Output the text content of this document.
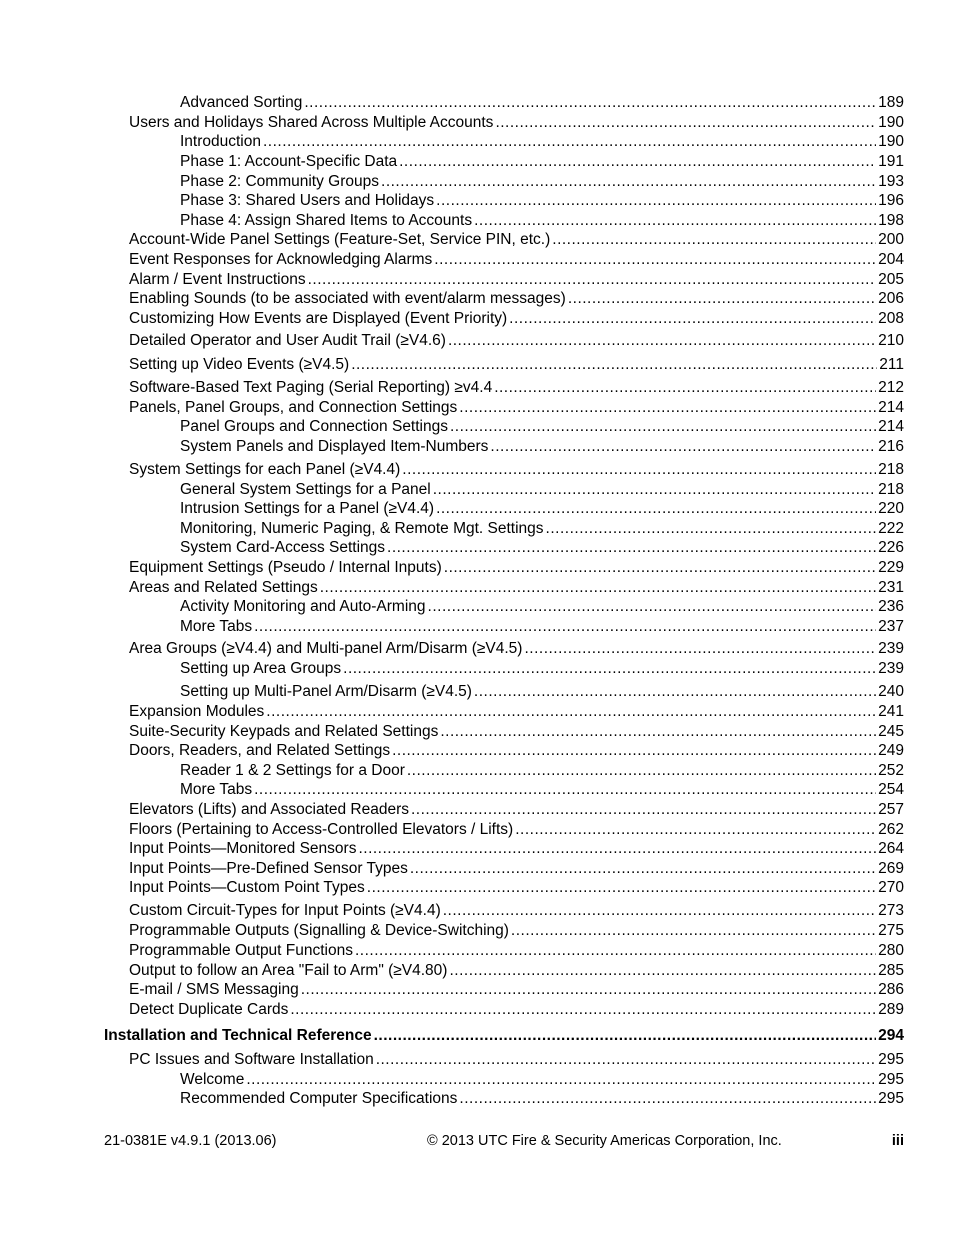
Advanced Sorting .....	189
Users and Holidays Shared Across Multiple Accounts .....	190
Introduction .....	190
Phase 1: Account-Specific Data .....	191
Phase 2: Community Groups .....	193
Phase 3: Shared Users and Holidays .....	196
Phase 4: Assign Shared Items to Accounts .....	198
Account-Wide Panel Settings (Feature-Set, Service PIN, etc.) .....	200
Event Responses for Acknowledging Alarms .....	204
Alarm / Event Instructions .....	205
Enabling Sounds (to be associated with event/alarm messages) .....	206
Customizing How Events are Displayed (Event Priority) .....	208
Detailed Operator and User Audit Trail (≥V4.6) .....	210
Setting up Video Events (≥V4.5) .....	211
Software-Based Text Paging (Serial Reporting) ≥v4.4 .....	212
Panels, Panel Groups, and Connection Settings .....	214
Panel Groups and Connection Settings .....	214
System Panels and Displayed Item-Numbers .....	216
System Settings for each Panel (≥V4.4) .....	218
General System Settings for a Panel .....	218
Intrusion Settings for a Panel (≥V4.4) .....	220
Monitoring, Numeric Paging, & Remote Mgt. Settings .....	222
System Card-Access Settings .....	226
Equipment Settings (Pseudo / Internal Inputs) .....	229
Areas and Related Settings .....	231
Activity Monitoring and Auto-Arming .....	236
More Tabs .....	237
Area Groups (≥V4.4) and Multi-panel Arm/Disarm (≥V4.5) .....	239
Setting up Area Groups .....	239
Setting up Multi-Panel Arm/Disarm (≥V4.5) .....	240
Expansion Modules .....	241
Suite-Security Keypads and Related Settings .....	245
Doors, Readers, and Related Settings .....	249
Reader 1 & 2 Settings for a Door .....	252
More Tabs .....	254
Elevators (Lifts) and Associated Readers .....	257
Floors (Pertaining to Access-Controlled Elevators / Lifts) .....	262
Input Points—Monitored Sensors .....	264
Input Points—Pre-Defined Sensor Types .....	269
Input Points—Custom Point Types .....	270
Custom Circuit-Types for Input Points (≥V4.4) .....	273
Programmable Outputs (Signalling & Device-Switching) .....	275
Programmable Output Functions .....	280
Output to follow an Area "Fail to Arm" (≥V4.80) .....	285
E-mail / SMS Messaging .....	286
Detect Duplicate Cards .....	289
Installation and Technical Reference .....	294
PC Issues and Software Installation .....	295
Welcome .....	295
Recommended Computer Specifications .....	295
21-0381E v4.9.1 (2013.06)	© 2013 UTC Fire & Security Americas Corporation, Inc.	iii
